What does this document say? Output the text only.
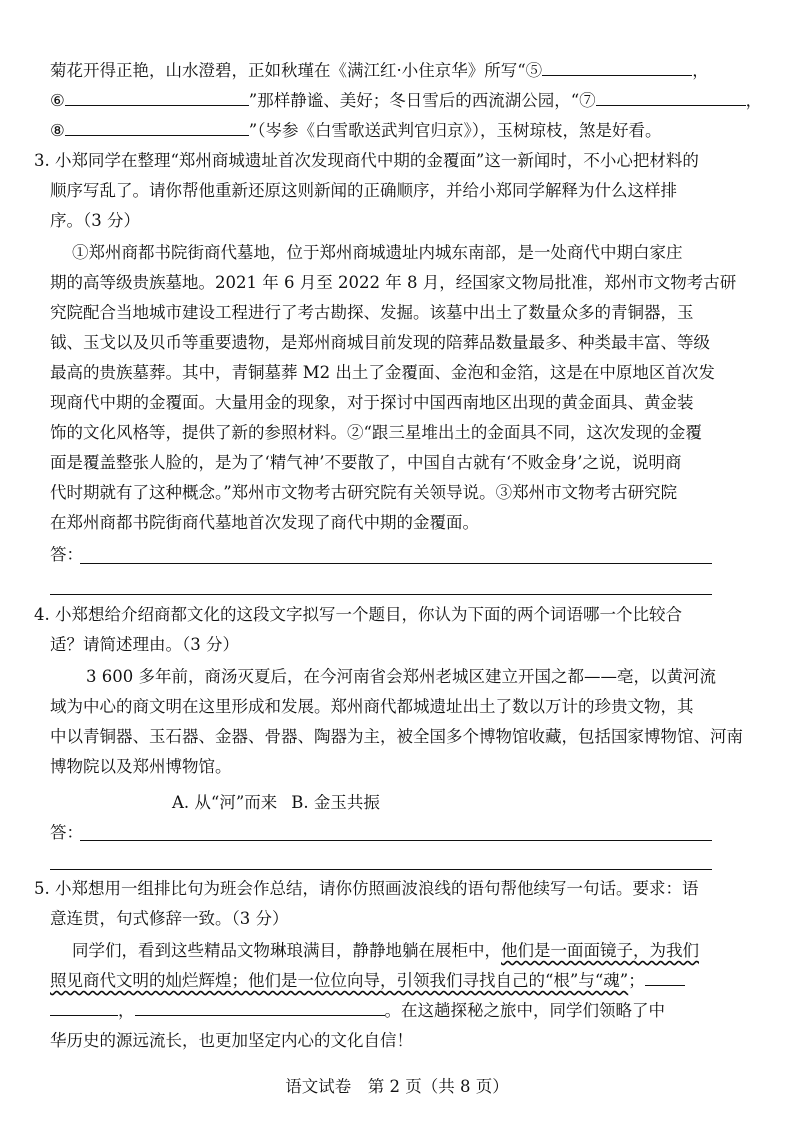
菊花开得正艳，山水澄碧，正如秋瑾在《满江红·小住京华》所写“⑤	，
⑥	”那样静谧、美好；冬日雪后的西流湖公园，“⑦	，
⑧	”（岑参《白雪歌送武判官归京》），玉树琼枝，煞是好看。
3. 小郑同学在整理“郑州商城遗址首次发现商代中期的金覆面”这一新闻时，不小心把材料的
顺序写乱了。请你帮他重新还原这则新闻的正确顺序，并给小郑同学解释为什么这样排
序。（3 分）
①郑州商都书院街商代墓地，位于郑州商城遗址内城东南部，是一处商代中期白家庄
期的高等级贵族墓地。2021 年 6 月至 2022 年 8 月，经国家文物局批准，郑州市文物考古研
究院配合当地城市建设工程进行了考古勘探、发掘。该墓中出土了数量众多的青铜器，玉
钺、玉戈以及贝币等重要遗物，是郑州商城目前发现的陪葬品数量最多、种类最丰富、等级
最高的贵族墓葬。其中，青铜墓葬 M2 出土了金覆面、金泡和金箔，这是在中原地区首次发
现商代中期的金覆面。大量用金的现象，对于探讨中国西南地区出现的黄金面具、黄金装
饰的文化风格等，提供了新的参照材料。②“跟三星堆出土的金面具不同，这次发现的金覆
面是覆盖整张人脸的，是为了‘精气神’不要散了，中国自古就有‘不败金身’之说，说明商
代时期就有了这种概念。”郑州市文物考古研究院有关领导说。③郑州市文物考古研究院
在郑州商都书院街商代墓地首次发现了商代中期的金覆面。
答：
4. 小郑想给介绍商都文化的这段文字拟写一个题目，你认为下面的两个词语哪一个比较合
适？请简述理由。（3 分）
3 600 多年前，商汤灭夏后，在今河南省会郑州老城区建立开国之都——亳，以黄河流
域为中心的商文明在这里形成和发展。郑州商代都城遗址出土了数以万计的珍贵文物，其
中以青铜器、玉石器、金器、骨器、陶器为主，被全国多个博物馆收藏，包括国家博物馆、河南
博物院以及郑州博物馆。
A. 从“河”而来 B. 金玉共振
答：
5. 小郑想用一组排比句为班会作总结，请你仿照画波浪线的语句帮他续写一句话。要求：语
意连贯，句式修辞一致。（3 分）
同学们，看到这些精品文物琳琅满目，静静地躺在展柜中，他们是一面面镜子，为我们
照见商代文明的灿烂辉煌；他们是一位位向导，引领我们寻找自己的“根”与“魂”；
，	。在这趟探秘之旅中，同学们领略了中
华历史的源远流长，也更加坚定内心的文化自信！
语文试卷　第 2 页（共 8 页）
